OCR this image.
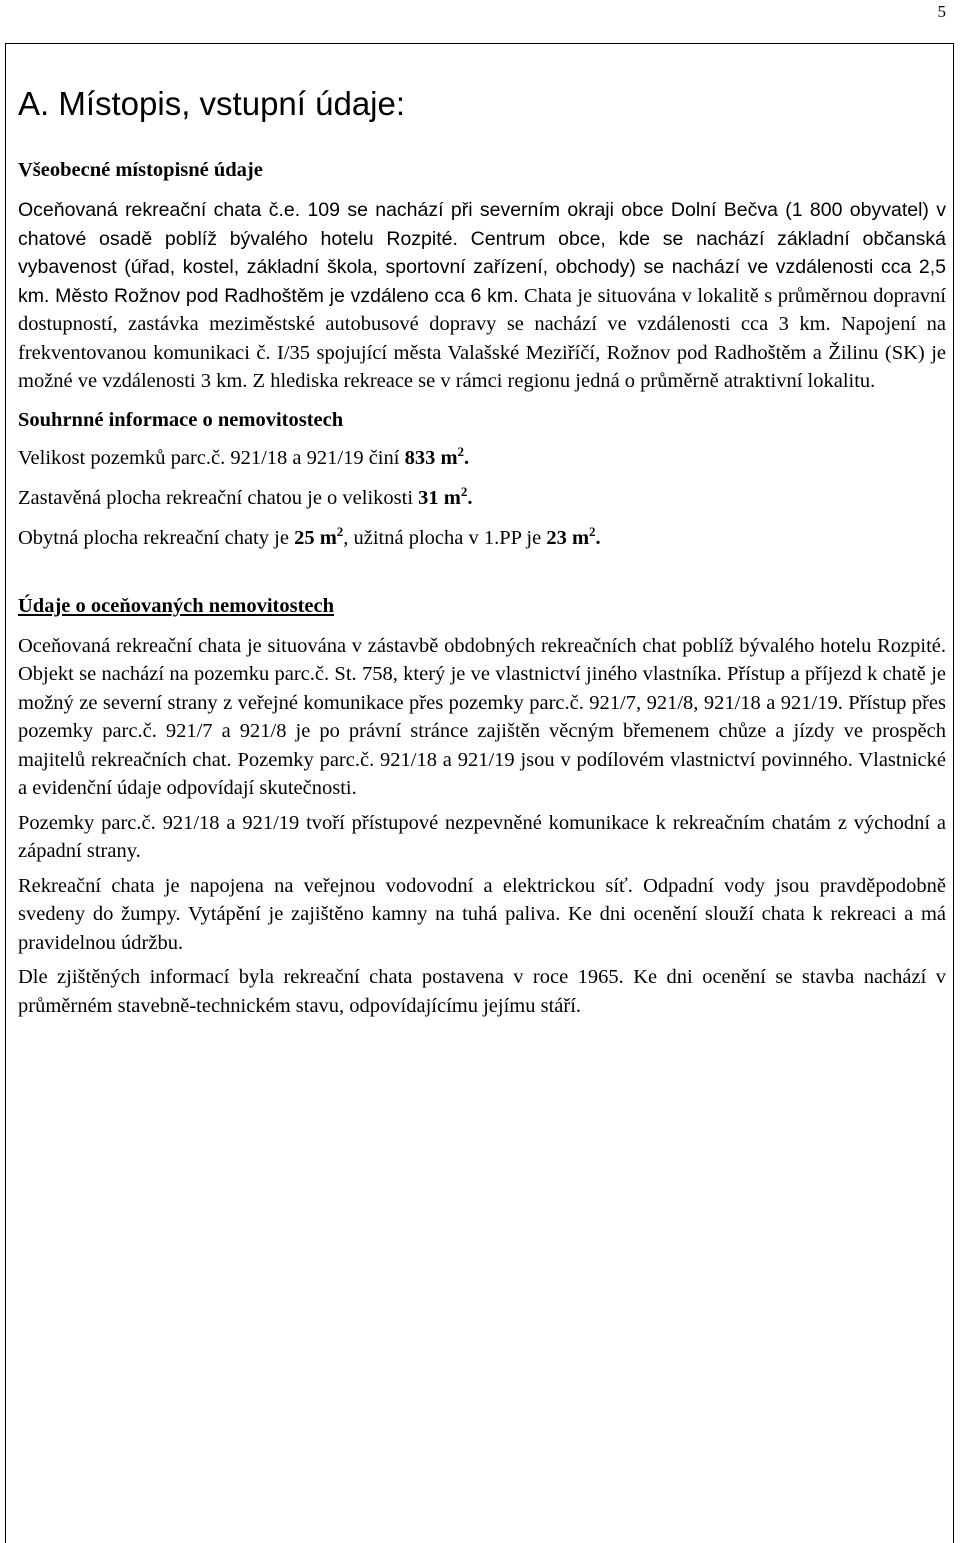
5
A. Místopis, vstupní údaje:
Všeobecné místopisné údaje

Oceňovaná rekreační chata č.e. 109 se nachází při severním okraji obce Dolní Bečva (1 800 obyvatel) v chatové osadě poblíž bývalého hotelu Rozpité. Centrum obce, kde se nachází základní občanská vybavenost (úřad, kostel, základní škola, sportovní zařízení, obchody) se nachází ve vzdálenosti cca 2,5 km. Město Rožnov pod Radhoštěm je vzdáleno cca 6 km. Chata je situována v lokalitě s průměrnou dopravní dostupností, zastávka meziměstské autobusové dopravy se nachází ve vzdálenosti cca 3 km. Napojení na frekventovanou komunikaci č. I/35 spojující města Valašské Meziříčí, Rožnov pod Radhoštěm a Žilinu (SK) je možné ve vzdálenosti 3 km. Z hlediska rekreace se v rámci regionu jedná o průměrně atraktivní lokalitu.

Souhrnné informace o nemovitostech
Velikost pozemků parc.č. 921/18 a 921/19 činí 833 $m^2$.
Zastavěná plocha rekreační chatou je o velikosti 31 $m^2$.
Obytná plocha rekreační chaty je 25 $m^2$, užitná plocha v 1.PP je 23 $m^2$.
Údaje o oceňovaných nemovitostech

Oceňovaná rekreační chata je situována v zástavbě obdobných rekreačních chat poblíž bývalého hotelu Rozpité. Objekt se nachází na pozemku parc.č. St. 758, který je ve vlastnictví jiného vlastníka. Přístup a příjezd k chatě je možný ze severní strany z veřejné komunikace přes pozemky parc.č. 921/7, 921/8, 921/18 a 921/19. Přístup přes pozemky parc.č. 921/7 a 921/8 je po právní stránce zajištěn věcným břemenem chůze a jízdy ve prospěch majitelů rekreačních chat. Pozemky parc.č. 921/18 a 921/19 jsou v podílovém vlastnictví povinného. Vlastnické a evidenční údaje odpovídají skutečnosti.

Pozemky parc.č. 921/18 a 921/19 tvoří přístupové nezpevněné komunikace k rekreačním chatám z východní a západní strany.

Rekreační chata je napojena na veřejnou vodovodní a elektrickou síť. Odpadní vody jsou pravděpodobně svedeny do žumpy. Vytápění je zajištěno kamny na tuhá paliva. Ke dni ocenění slouží chata k rekreaci a má pravidelnou údržbu.

Dle zjištěných informací byla rekreační chata postavena v roce 1965. Ke dni ocenění se stavba nachází v průměrném stavebně-technickém stavu, odpovídajícímu jejímu stáří.
